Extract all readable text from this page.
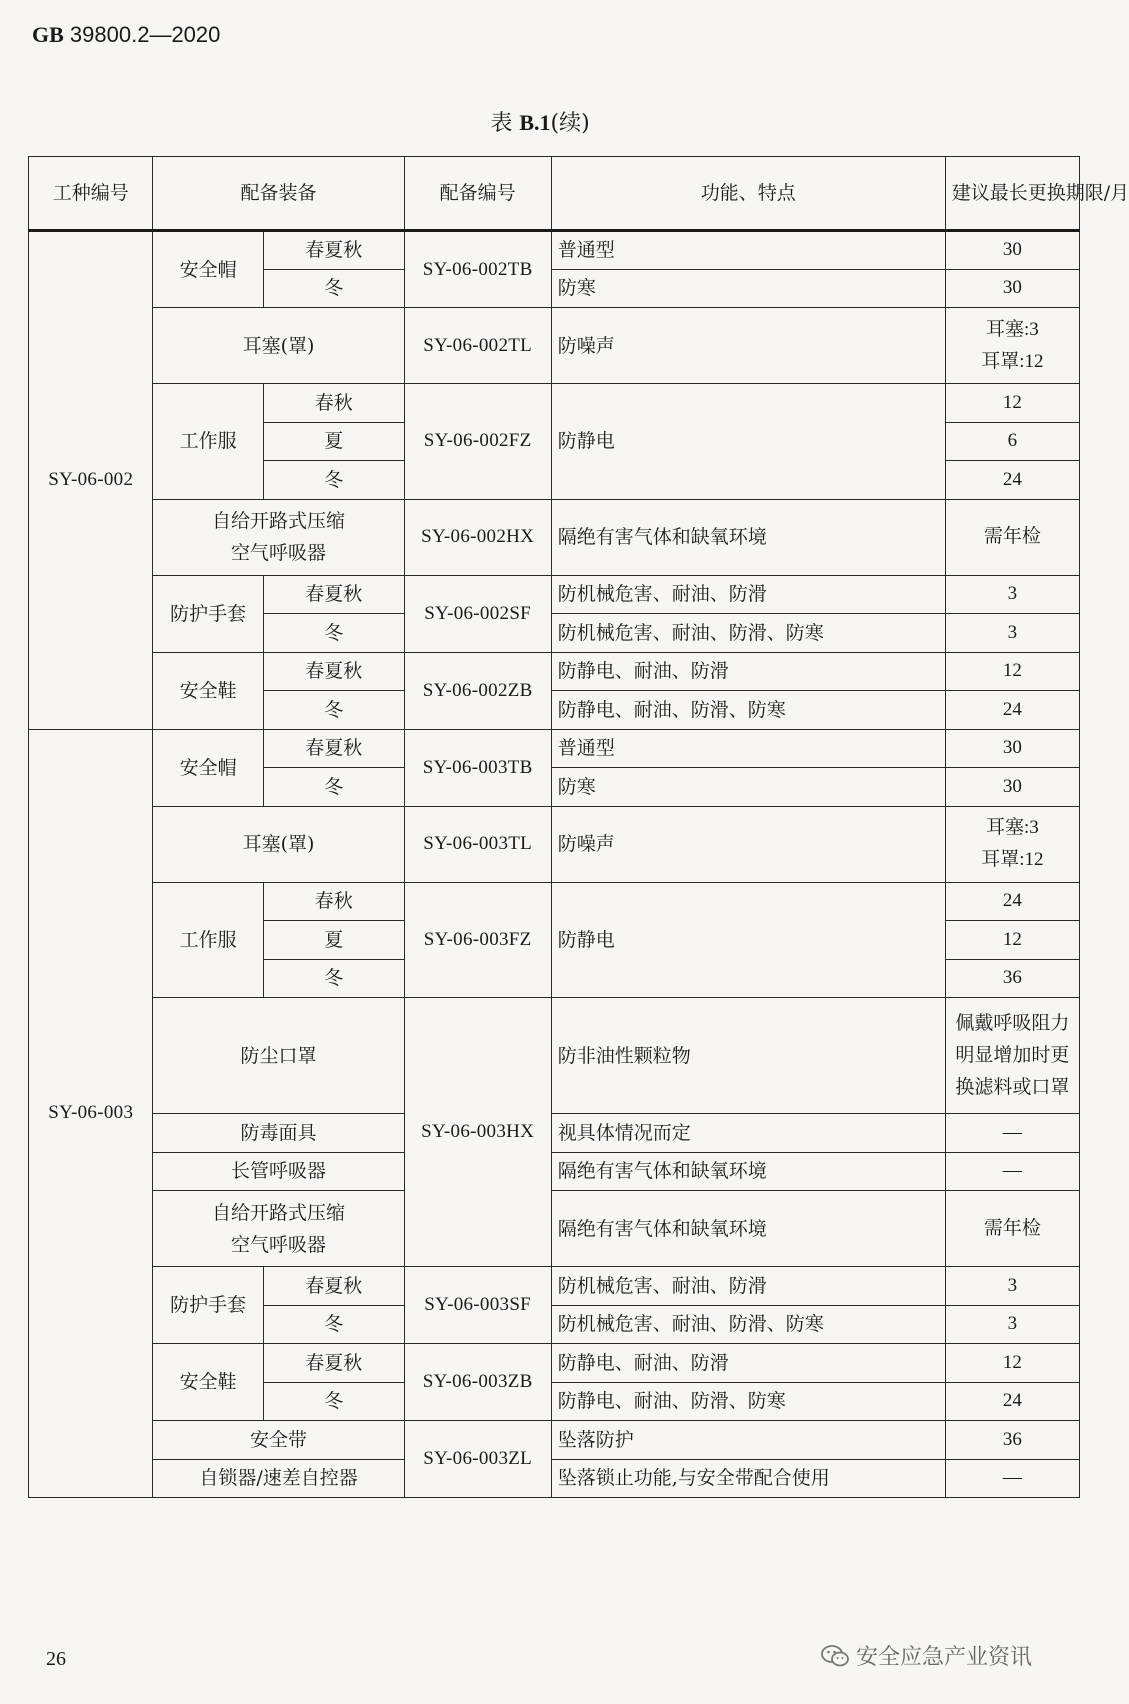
GB 39800.2—2020
表 B.1(续)
工种编号	配备装备		配备编号	功能、特点	建议最长更换期限/月
SY-06-002	安全帽	春夏秋	SY-06-002TB	普通型	30
		冬		防寒	30
	耳塞(罩)		SY-06-002TL	防噪声	耳塞:3
耳罩:12
	工作服	春秋	SY-06-002FZ	防静电	12
		夏			6
		冬			24
	自给开路式压缩
空气呼吸器		SY-06-002HX	隔绝有害气体和缺氧环境	需年检
	防护手套	春夏秋	SY-06-002SF	防机械危害、耐油、防滑	3
		冬		防机械危害、耐油、防滑、防寒	3
	安全鞋	春夏秋	SY-06-002ZB	防静电、耐油、防滑	12
		冬		防静电、耐油、防滑、防寒	24
SY-06-003	安全帽	春夏秋	SY-06-003TB	普通型	30
		冬		防寒	30
	耳塞(罩)		SY-06-003TL	防噪声	耳塞:3
耳罩:12
	工作服	春秋	SY-06-003FZ	防静电	24
		夏			12
		冬			36
	防尘口罩		SY-06-003HX	防非油性颗粒物	佩戴呼吸阻力
明显增加时更
换滤料或口罩
	防毒面具			视具体情况而定	—
	长管呼吸器			隔绝有害气体和缺氧环境	—
	自给开路式压缩
空气呼吸器			隔绝有害气体和缺氧环境	需年检
	防护手套	春夏秋	SY-06-003SF	防机械危害、耐油、防滑	3
		冬		防机械危害、耐油、防滑、防寒	3
	安全鞋	春夏秋	SY-06-003ZB	防静电、耐油、防滑	12
		冬		防静电、耐油、防滑、防寒	24
	安全带		SY-06-003ZL	坠落防护	36
	自锁器/速差自控器			坠落锁止功能,与安全带配合使用	—
26	安全应急产业资讯
